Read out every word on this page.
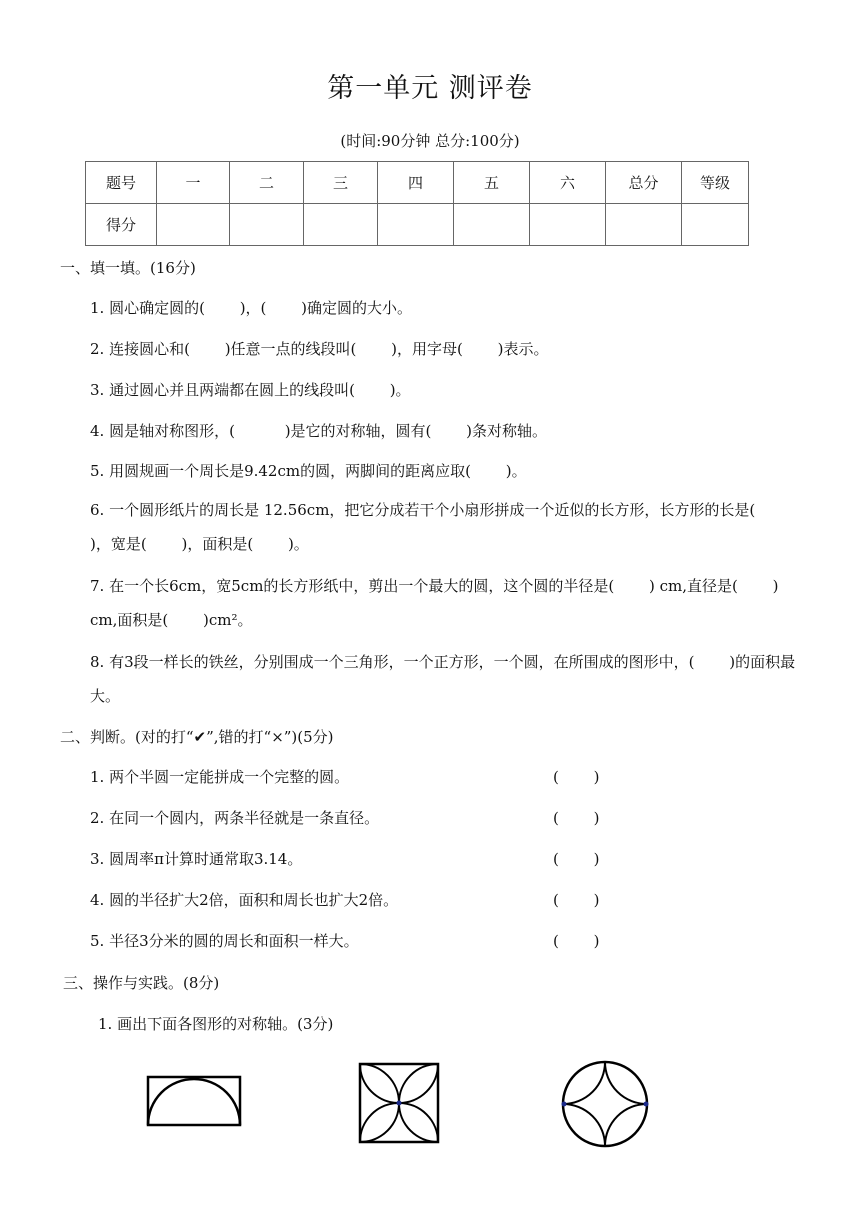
第一单元 测评卷
(时间:90分钟 总分:100分)
题号	一	二	三	四	五	六	总分	等级
得分								
一、填一填。(16分)
1. 圆心确定圆的(　　 )，(　　 )确定圆的大小。
2. 连接圆心和(　　 )任意一点的线段叫(　　 )，用字母(　　 )表示。
3. 通过圆心并且两端都在圆上的线段叫(　　 )。
4. 圆是轴对称图形，(　　　 )是它的对称轴，圆有(　　 )条对称轴。
5. 用圆规画一个周长是9.42cm的圆，两脚间的距离应取(　　 )。
6. 一个圆形纸片的周长是 12.56cm，把它分成若干个小扇形拼成一个近似的长方形，长方形的长是(　　 )，宽是(　　 )，面积是(　　 )。
7. 在一个长6cm，宽5cm的长方形纸中，剪出一个最大的圆，这个圆的半径是(　　 ) cm,直径是(　　 ) cm,面积是(　　 )cm²。
8. 有3段一样长的铁丝，分别围成一个三角形，一个正方形，一个圆，在所围成的图形中，(　　 )的面积最大。
二、判断。(对的打“✔”,错的打“×”)(5分)
1. 两个半圆一定能拼成一个完整的圆。	(　　 )
2. 在同一个圆内，两条半径就是一条直径。	(　　 )
3. 圆周率π计算时通常取3.14。	(　　 )
4. 圆的半径扩大2倍，面积和周长也扩大2倍。	(　　 )
5. 半径3分米的圆的周长和面积一样大。	(　　 )
三、操作与实践。(8分)
1. 画出下面各图形的对称轴。(3分)
